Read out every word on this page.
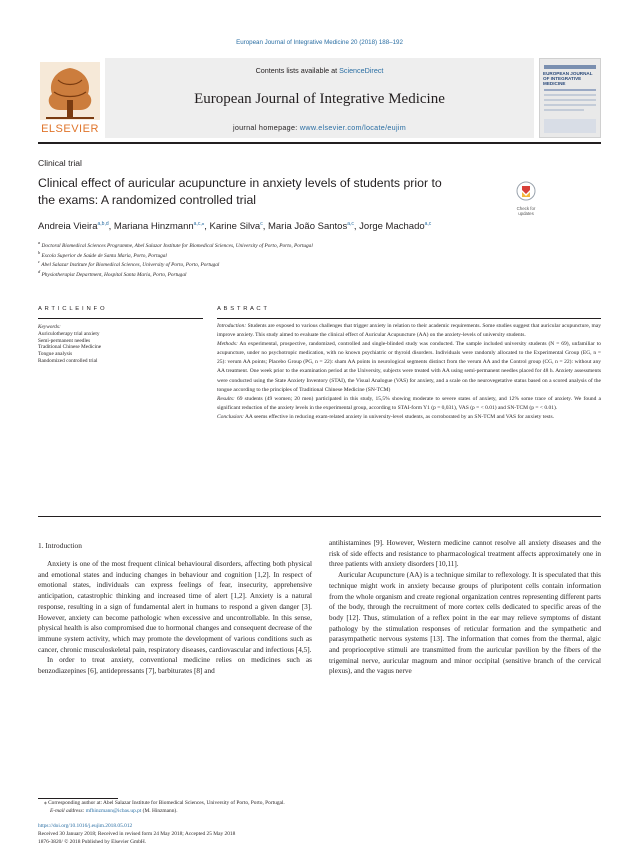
European Journal of Integrative Medicine 20 (2018) 188–192
ELSEVIER
Contents lists available at ScienceDirect
European Journal of Integrative Medicine
journal homepage: www.elsevier.com/locate/eujim
EUROPEAN JOURNAL OF INTEGRATIVE MEDICINE
Clinical trial
Clinical effect of auricular acupuncture in anxiety levels of students prior to
the exams: A randomized controlled trial
Check for updates
Andreia Vieira$^{a,b,d}$, Mariana Hinzmann$^{a,c,⁎}$, Karine Silva$^c$, Maria João Santos$^{a,c}$, Jorge Machado$^{a,c}$
$^a$ Doctoral Biomedical Sciences Programme, Abel Salazar Institute for Biomedical Sciences, University of Porto, Porto, Portugal
$^b$ Escola Superior de Saúde de Santa Maria, Porto, Portugal
$^c$ Abel Salazar Institute for Biomedical Sciences, University of Porto, Porto, Portugal
$^d$ Physiotherapist Department, Hospital Santa Maria, Porto, Portugal
A R T I C L E I N F O	A B S T R A C T
Keywords:
Auriculotherapy trial anxiety
Semi-permanent needles
Traditional Chinese Medicine
Tongue analysis
Randomized controlled trial

Introduction: Students are exposed to various challenges that trigger anxiety in relation to their academic requirements. Some studies suggest that auricular acupuncture, may improve anxiety. This study aimed to evaluate the clinical effect of Auricular Acupuncture (AA) on the anxiety-levels of university students.

Methods: An experimental, prospective, randomized, controlled and single-blinded study was conducted. The sample included university students (N = 69), unfamiliar to acupuncture, under no psychotropic medication, with no known psychiatric or thyroid disorders. Individuals were randomly allocated to the Experimental Group (EG, n = 25): verum AA points; Placebo Group (PG, n = 22): sham AA points in neurological segments distinct from the verum AA and the Control group (CG, n = 22): without any AA treatment. One week prior to the examination period at the University, subjects were treated with AA using semi-permanent needles placed for 48 h. Anxiety assessments were conducted using the State Anxiety Inventory (STAI), the Visual Analogue (VAS) for anxiety, and a scale on the neurovegetative status based on a scored analysis of the tongue according to the principles of Traditional Chinese Medicine (SN-TCM)

Results: 69 students (49 women; 20 men) participated in this study, 15,5% showing moderate to severe states of anxiety, and 12% some trace of anxiety. We found a significant reduction of the anxiety levels in the experimental group, according to STAI-form Y1 (p = 0,031), VAS (p = < 0.01) and SN-TCM (p = < 0.01).

Conclusion: AA seems effective in reducing exam-related anxiety in university-level students, as corroborated by an SN-TCM and VAS for anxiety tests.

1. Introduction

Anxiety is one of the most frequent clinical behavioural disorders, affecting both physical and emotional states and inducing changes in behaviour and cognition [1,2]. In respect of emotional states, individuals can express feelings of fear, insecurity, apprehensive anticipation, catastrophic thinking and increased time of alert [1,2]. Anxiety is a natural response, resulting in a sign of fundamental alert in humans to respond a given danger [3]. However, anxiety can become pathologic when excessive and uncontrollable. In this sense, physical health is also compromised due to hormonal changes and consequent decrease of the immune system activity, which may promote the development of various conditions such as cancer, chronic musculoskeletal pain, respiratory diseases, cardiovascular and infectious [4,5].

In order to treat anxiety, conventional medicine relies on medicines such as benzodiazepines [6], antidepressants [7], barbiturates [8] and

antihistamines [9]. However, Western medicine cannot resolve all anxiety diseases and the risk of side effects and resistance to pharmacological treatment affects approximately one in three patients with anxiety disorders [10,11].

Auricular Acupuncture (AA) is a technique similar to reflexology. It is speculated that this technique might work in anxiety because groups of pluripotent cells contain information from the whole organism and create regional organization centres representing different parts of the body, through the recruitment of more cortex cells dedicated to specific areas of the body [12]. Thus, stimulation of a reflex point in the ear may relieve symptoms of distant pathology by the stimulation responses of reticular formation and the sympathetic and parasympathetic nervous systems [13]. The information that comes from the thermal, algic and proprioceptive stimuli are transmitted from the auricular pavilion by the fibers of the trigeminal nerve, auricular magnum and minor occipital (sensitive branch of the cervical plexus), and the vagus nerve

⁎ Corresponding author at: Abel Salazar Institute for Biomedical Sciences, University of Porto, Porto, Portugal.
E-mail address: mfhinzmann@icbas.up.pt (M. Hinzmann).
https://doi.org/10.1016/j.eujim.2018.05.012
Received 30 January 2018; Received in revised form 24 May 2018; Accepted 25 May 2018
1876-3820/ © 2018 Published by Elsevier GmbH.
